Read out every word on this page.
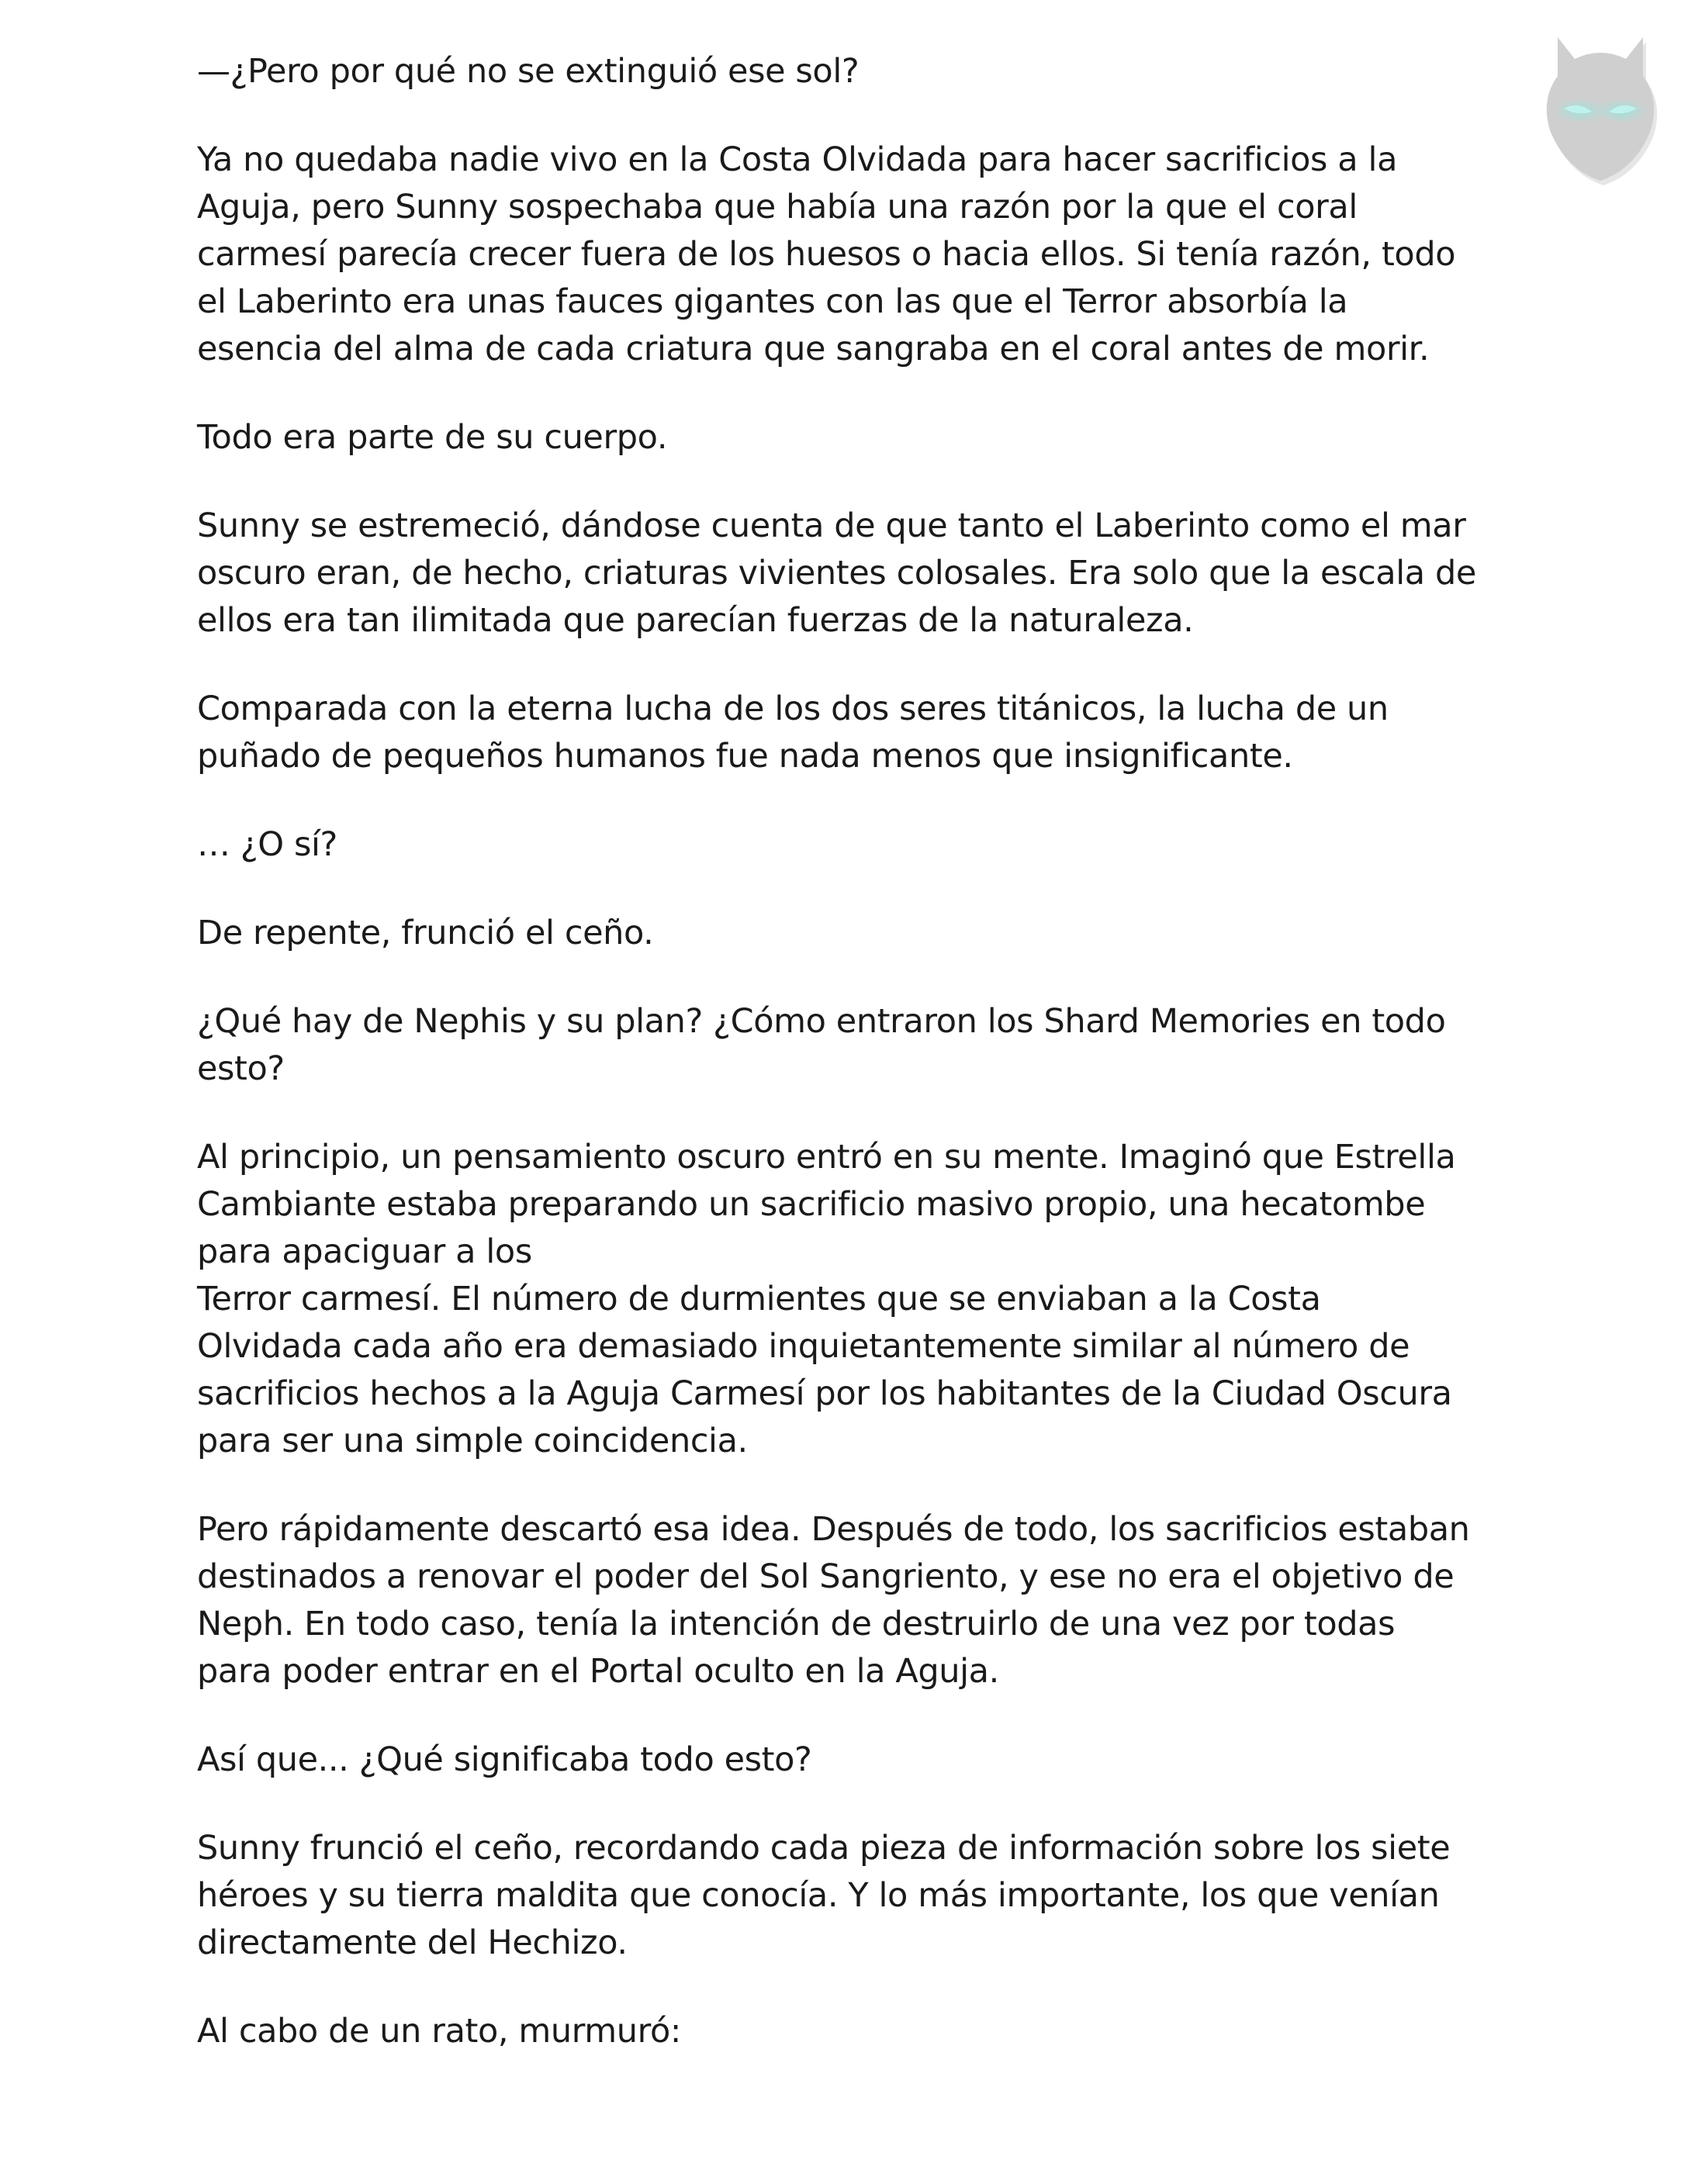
—¿Pero por qué no se extinguió ese sol?

Ya no quedaba nadie vivo en la Costa Olvidada para hacer sacrificios a la
Aguja, pero Sunny sospechaba que había una razón por la que el coral
carmesí parecía crecer fuera de los huesos o hacia ellos. Si tenía razón, todo
el Laberinto era unas fauces gigantes con las que el Terror absorbía la
esencia del alma de cada criatura que sangraba en el coral antes de morir.

Todo era parte de su cuerpo.

Sunny se estremeció, dándose cuenta de que tanto el Laberinto como el mar
oscuro eran, de hecho, criaturas vivientes colosales. Era solo que la escala de
ellos era tan ilimitada que parecían fuerzas de la naturaleza.

Comparada con la eterna lucha de los dos seres titánicos, la lucha de un
puñado de pequeños humanos fue nada menos que insignificante.

… ¿O sí?

De repente, frunció el ceño.

¿Qué hay de Nephis y su plan? ¿Cómo entraron los Shard Memories en todo
esto?

Al principio, un pensamiento oscuro entró en su mente. Imaginó que Estrella
Cambiante estaba preparando un sacrificio masivo propio, una hecatombe
para apaciguar a los
Terror carmesí. El número de durmientes que se enviaban a la Costa
Olvidada cada año era demasiado inquietantemente similar al número de
sacrificios hechos a la Aguja Carmesí por los habitantes de la Ciudad Oscura
para ser una simple coincidencia.

Pero rápidamente descartó esa idea. Después de todo, los sacrificios estaban
destinados a renovar el poder del Sol Sangriento, y ese no era el objetivo de
Neph. En todo caso, tenía la intención de destruirlo de una vez por todas
para poder entrar en el Portal oculto en la Aguja.

Así que... ¿Qué significaba todo esto?

Sunny frunció el ceño, recordando cada pieza de información sobre los siete
héroes y su tierra maldita que conocía. Y lo más importante, los que venían
directamente del Hechizo.

Al cabo de un rato, murmuró:
